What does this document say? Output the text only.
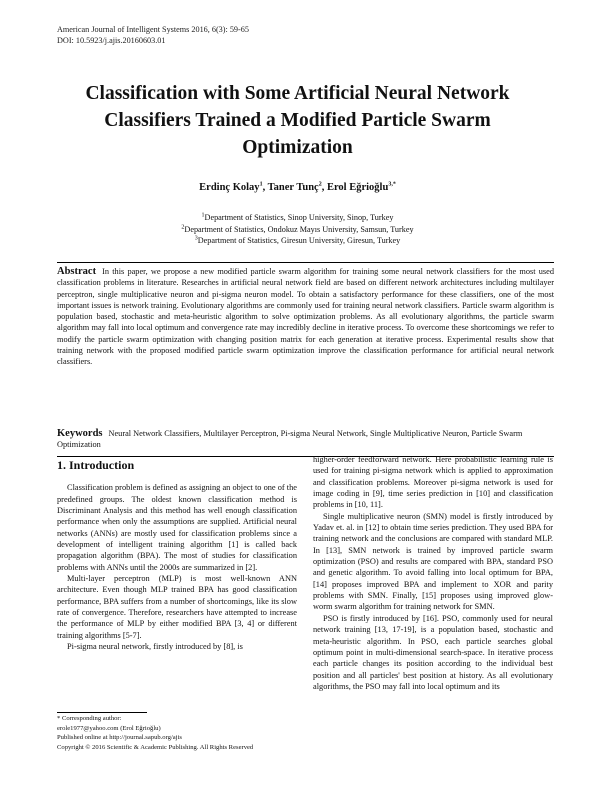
American Journal of Intelligent Systems 2016, 6(3): 59-65
DOI: 10.5923/j.ajis.20160603.01
Classification with Some Artificial Neural Network
Classifiers Trained a Modified Particle Swarm
Optimization
Erdinç Kolay$^1$, Taner Tunç$^2$, Erol Eğrioğlu$^{3,*}$
$^1$Department of Statistics, Sinop University, Sinop, Turkey
$^2$Department of Statistics, Ondokuz Mayıs University, Samsun, Turkey
$^3$Department of Statistics, Giresun University, Giresun, Turkey
Abstract In this paper, we propose a new modified particle swarm algorithm for training some neural network classifiers for the most used classification problems in literature. Researches in artificial neural network field are based on different network architectures including multilayer perceptron, single multiplicative neuron and pi-sigma neuron model. To obtain a satisfactory performance for these classifiers, one of the most important issues is network training. Evolutionary algorithms are commonly used for training neural network classifiers. Particle swarm algorithm is population based, stochastic and meta-heuristic algorithm to solve optimization problems. As all evolutionary algorithms, the particle swarm algorithm may fall into local optimum and convergence rate may incredibly decline in iterative process. To overcome these shortcomings we refer to modify the particle swarm optimization with changing position matrix for each generation at iterative process. Experimental results show that training network with the proposed modified particle swarm optimization improve the classification performance for artificial neural network classifiers.
Keywords Neural Network Classifiers, Multilayer Perceptron, Pi-sigma Neural Network, Single Multiplicative Neuron, Particle Swarm Optimization
1. Introduction

Classification problem is defined as assigning an object to one of the predefined groups. The oldest known classification method is Discriminant Analysis and this method has well enough classification performance when only the assumptions are supplied. Artificial neural networks (ANNs) are mostly used for classification problems since a development of intelligent training algorithm [1] is called back propagation algorithm (BPA). The most of studies for classification problems with ANNs until the 2000s are summarized in [2].

Multi-layer perceptron (MLP) is most well-known ANN architecture. Even though MLP trained BPA has good classification performance, BPA suffers from a number of shortcomings, like its slow rate of convergence. Therefore, researchers have attempted to increase the performance of MLP by either modified BPA [3, 4] or different training algorithms [5-7].

Pi-sigma neural network, firstly introduced by [8], is

higher-order feedforward network. Here probabilistic learning rule is used for training pi-sigma network which is applied to approximation and classification problems. Moreover pi-sigma network is used for image coding in [9], time series prediction in [10] and classification problems in [10, 11].

Single multiplicative neuron (SMN) model is firstly introduced by Yadav et. al. in [12] to obtain time series prediction. They used BPA for training network and the conclusions are compared with standard MLP. In [13], SMN network is trained by improved particle swarm optimization (PSO) and results are compared with BPA, standard PSO and genetic algorithm. To avoid falling into local optimum for BPA, [14] proposes improved BPA and implement to XOR and parity problems with SMN. Finally, [15] proposes using improved glow-worm swarm algorithm for training network for SMN.

PSO is firstly introduced by [16]. PSO, commonly used for neural network training [13, 17-19], is a population based, stochastic and meta-heuristic algorithm. In PSO, each particle searches global optimum point in multi-dimensional search-space. In iterative process each particle changes its position according to the individual best position and all particles' best position at history. As all evolutionary algorithms, the PSO may fall into local optimum and its

* Corresponding author:
erole1977@yahoo.com (Erol Eğrioğlu)
Published online at http://journal.sapub.org/ajis
Copyright © 2016 Scientific & Academic Publishing. All Rights Reserved
